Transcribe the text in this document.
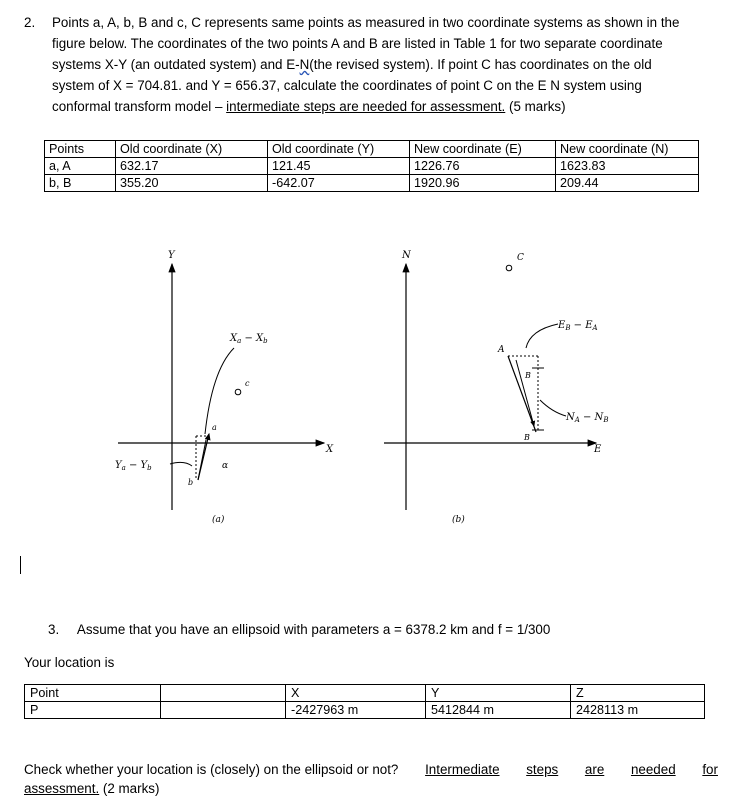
2. Points a, A, b, B and c, C represents same points as measured in two coordinate systems as shown in the
figure below. The coordinates of the two points A and B are listed in Table 1 for two separate coordinate
systems X-Y (an outdated system) and E-N(the revised system). If point C has coordinates on the old
system of X = 704.81. and Y = 656.37, calculate the coordinates of point C on the E N system using
conformal transform model – intermediate steps are needed for assessment. (5 marks)
Points	Old coordinate (X)	Old coordinate (Y)	New coordinate (E)	New coordinate (N)
a, A	632.17	121.45	1226.76	1623.83
b, B	355.20	-642.07	1920.96	209.44
Y
X
$X_a - X_b$
a
b
α
c
$Y_a - Y_b$
(a)
N
E
C
A
B
B
$E_B - E_A$
$N_A - N_B$
(b)
3. Assume that you have an ellipsoid with parameters a = 6378.2 km and f = 1/300
Your location is
Point		X	Y	Z
P		-2427963 m	5412844 m	2428113 m
Check whether your location is (closely) on the ellipsoid or not? Intermediate steps are needed for
assessment. (2 marks)
